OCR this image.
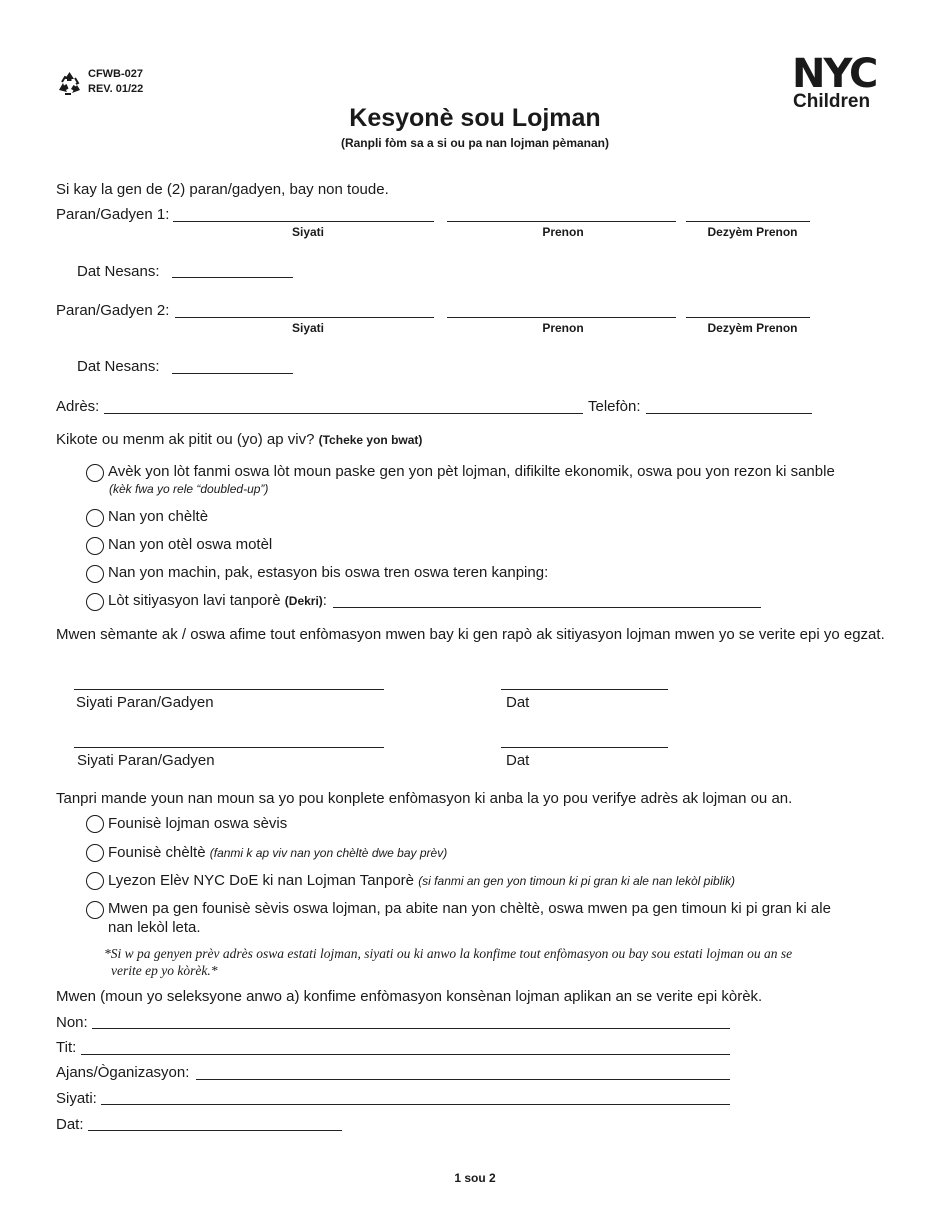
CFWB-027
REV. 01/22	NYC
Children
Kesyonè sou Lojman
(Ranpli fòm sa a si ou pa nan lojman pèmanan)
Si kay la gen de (2) paran/gadyen, bay non toude.
Paran/Gadyen 1:
Siyati	Prenon	Dezyèm Prenon
Dat Nesans:
Paran/Gadyen 2:
Siyati	Prenon	Dezyèm Prenon
Dat Nesans:
Adrès:	Telefòn:
Kikote ou menm ak pitit ou (yo) ap viv? (Tcheke yon bwat)
Avèk yon lòt fanmi oswa lòt moun paske gen yon pèt lojman, difikilte ekonomik, oswa pou yon rezon ki sanble
(kèk fwa yo rele “doubled-up”)
Nan yon chèltè
Nan yon otèl oswa motèl
Nan yon machin, pak, estasyon bis oswa tren oswa teren kanping:
Lòt sitiyasyon lavi tanporè (Dekri):
Mwen sèmante ak / oswa afime tout enfòmasyon mwen bay ki gen rapò ak sitiyasyon lojman mwen yo se verite epi yo egzat.
Siyati Paran/Gadyen	Dat
Siyati Paran/Gadyen	Dat
Tanpri mande youn nan moun sa yo pou konplete enfòmasyon ki anba la yo pou verifye adrès ak lojman ou an.
Founisè lojman oswa sèvis
Founisè chèltè (fanmi k ap viv nan yon chèltè dwe bay prèv)
Lyezon Elèv NYC DoE ki nan Lojman Tanporè (si fanmi an gen yon timoun ki pi gran ki ale nan lekòl piblik)
Mwen pa gen founisè sèvis oswa lojman, pa abite nan yon chèltè, oswa mwen pa gen timoun ki pi gran ki ale
nan lekòl leta.
*Si w pa genyen prèv adrès oswa estati lojman, siyati ou ki anwo la konfime tout enfòmasyon ou bay sou estati lojman ou an se
verite ep yo kòrèk.*
Mwen (moun yo seleksyone anwo a) konfime enfòmasyon konsènan lojman aplikan an se verite epi kòrèk.
Non:
Tit:
Ajans/Òganizasyon:
Siyati:
Dat:
1 sou 2
